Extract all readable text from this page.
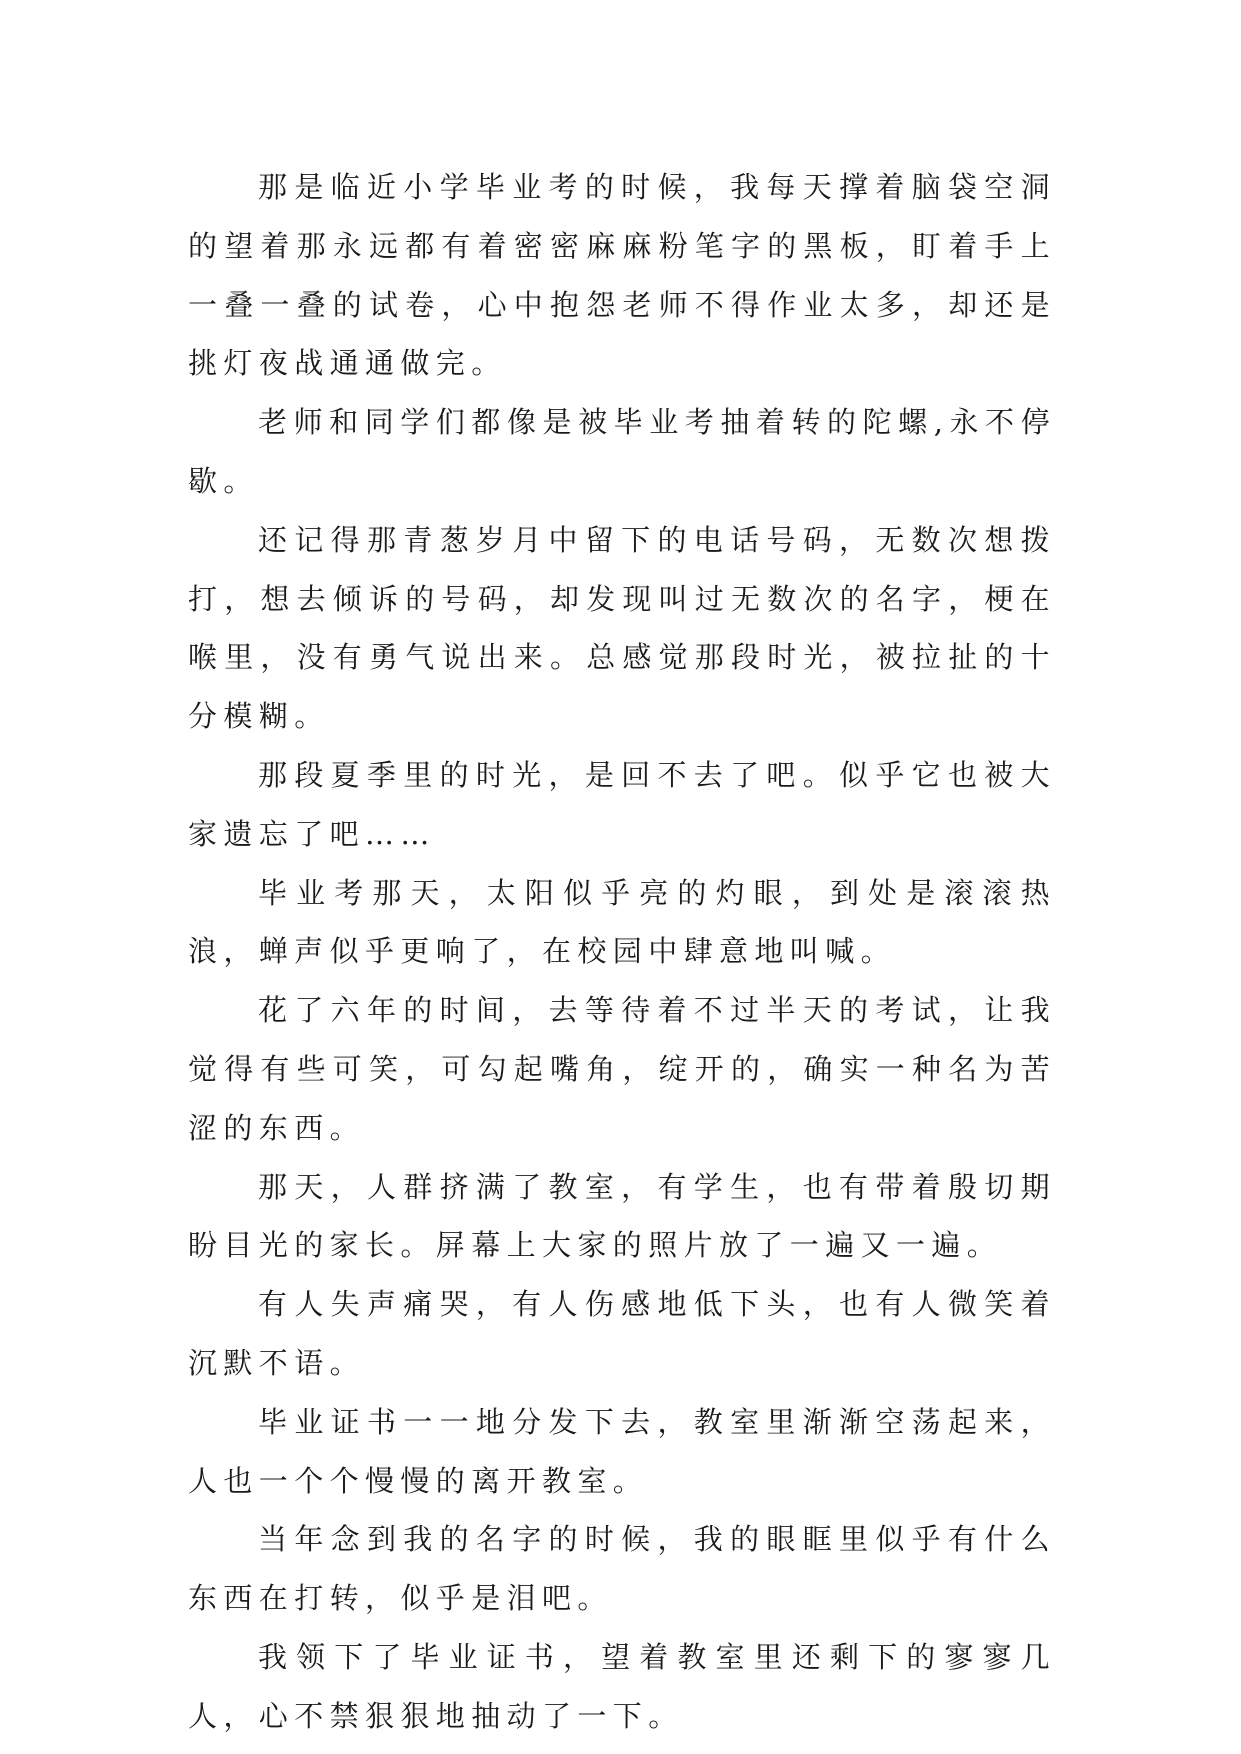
那是临近小学毕业考的时候，我每天撑着脑袋空洞的望着那永远都有着密密麻麻粉笔字的黑板，盯着手上一叠一叠的试卷，心中抱怨老师不得作业太多，却还是挑灯夜战通通做完。

老师和同学们都像是被毕业考抽着转的陀螺,永不停歇。

还记得那青葱岁月中留下的电话号码，无数次想拨打，想去倾诉的号码，却发现叫过无数次的名字，梗在喉里，没有勇气说出来。总感觉那段时光，被拉扯的十分模糊。

那段夏季里的时光，是回不去了吧。似乎它也被大家遗忘了吧……

毕业考那天，太阳似乎亮的灼眼，到处是滚滚热浪，蝉声似乎更响了，在校园中肆意地叫喊。

花了六年的时间，去等待着不过半天的考试，让我觉得有些可笑，可勾起嘴角，绽开的，确实一种名为苦涩的东西。

那天，人群挤满了教室，有学生，也有带着殷切期盼目光的家长。屏幕上大家的照片放了一遍又一遍。

有人失声痛哭，有人伤感地低下头，也有人微笑着沉默不语。

毕业证书一一地分发下去，教室里渐渐空荡起来，人也一个个慢慢的离开教室。

当年念到我的名字的时候，我的眼眶里似乎有什么东西在打转，似乎是泪吧。

我领下了毕业证书，望着教室里还剩下的寥寥几人，心不禁狠狠地抽动了一下。
